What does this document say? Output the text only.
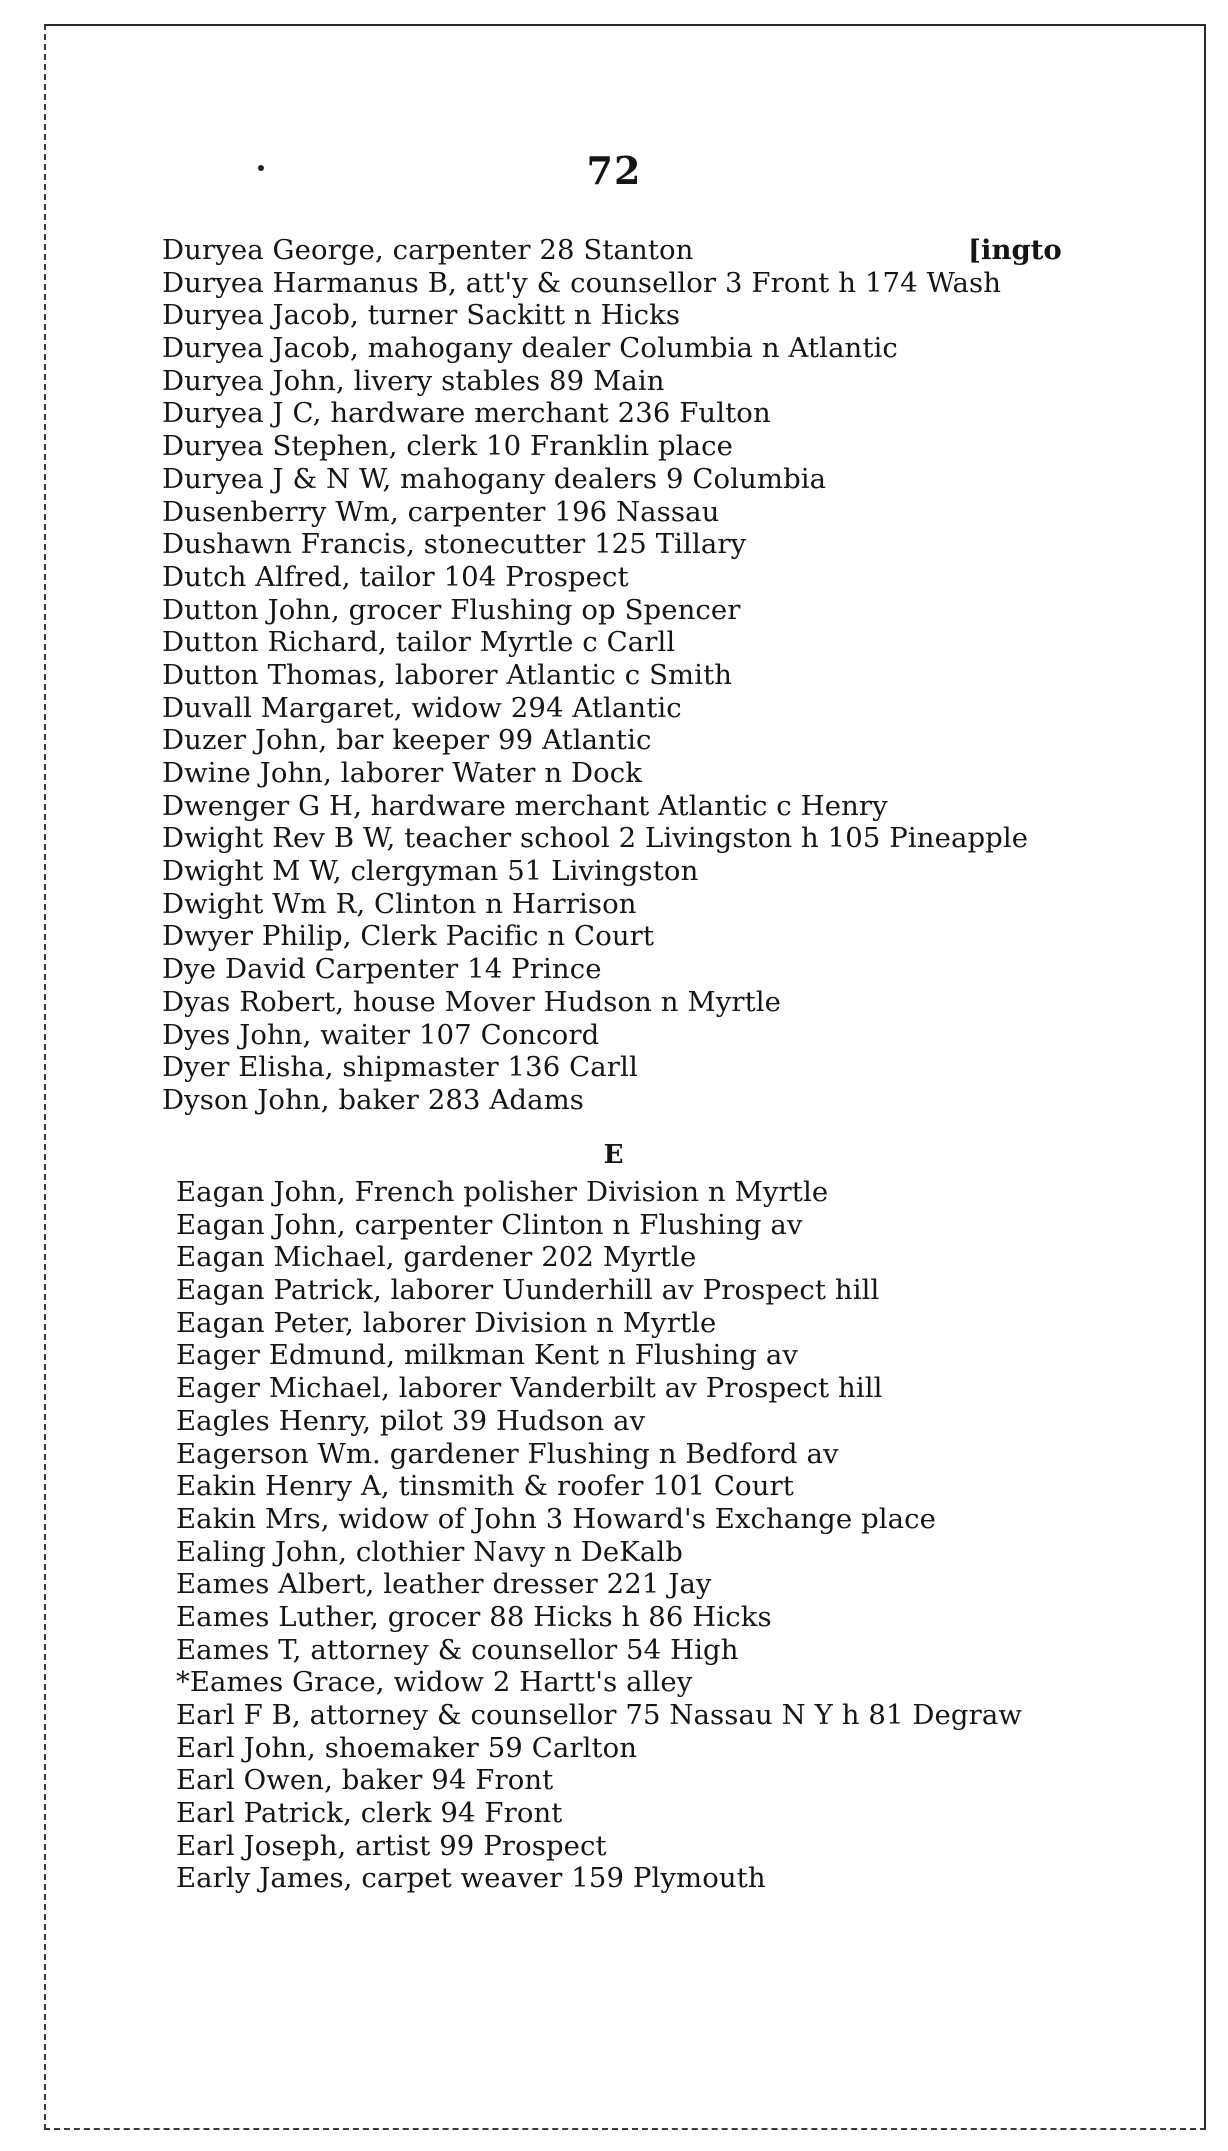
72
[ingto
Duryea George, carpenter 28 Stanton
Duryea Harmanus B, att'y & counsellor 3 Front h 174 Wash
Duryea Jacob, turner Sackitt n Hicks
Duryea Jacob, mahogany dealer Columbia n Atlantic
Duryea John, livery stables 89 Main
Duryea J C, hardware merchant 236 Fulton
Duryea Stephen, clerk 10 Franklin place
Duryea J & N W, mahogany dealers 9 Columbia
Dusenberry Wm, carpenter 196 Nassau
Dushawn Francis, stonecutter 125 Tillary
Dutch Alfred, tailor 104 Prospect
Dutton John, grocer Flushing op Spencer
Dutton Richard, tailor Myrtle c Carll
Dutton Thomas, laborer Atlantic c Smith
Duvall Margaret, widow 294 Atlantic
Duzer John, bar keeper 99 Atlantic
Dwine John, laborer Water n Dock
Dwenger G H, hardware merchant Atlantic c Henry
Dwight Rev B W, teacher school 2 Livingston h 105 Pineapple
Dwight M W, clergyman 51 Livingston
Dwight Wm R, Clinton n Harrison
Dwyer Philip, Clerk Pacific n Court
Dye David Carpenter 14 Prince
Dyas Robert, house Mover Hudson n Myrtle
Dyes John, waiter 107 Concord
Dyer Elisha, shipmaster 136 Carll
Dyson John, baker 283 Adams
E
Eagan John, French polisher Division n Myrtle
Eagan John, carpenter Clinton n Flushing av
Eagan Michael, gardener 202 Myrtle
Eagan Patrick, laborer Uunderhill av Prospect hill
Eagan Peter, laborer Division n Myrtle
Eager Edmund, milkman Kent n Flushing av
Eager Michael, laborer Vanderbilt av Prospect hill
Eagles Henry, pilot 39 Hudson av
Eagerson Wm. gardener Flushing n Bedford av
Eakin Henry A, tinsmith & roofer 101 Court
Eakin Mrs, widow of John 3 Howard's Exchange place
Ealing John, clothier Navy n DeKalb
Eames Albert, leather dresser 221 Jay
Eames Luther, grocer 88 Hicks h 86 Hicks
Eames T, attorney & counsellor 54 High
*Eames Grace, widow 2 Hartt's alley
Earl F B, attorney & counsellor 75 Nassau N Y h 81 Degraw
Earl John, shoemaker 59 Carlton
Earl Owen, baker 94 Front
Earl Patrick, clerk 94 Front
Earl Joseph, artist 99 Prospect
Early James, carpet weaver 159 Plymouth
